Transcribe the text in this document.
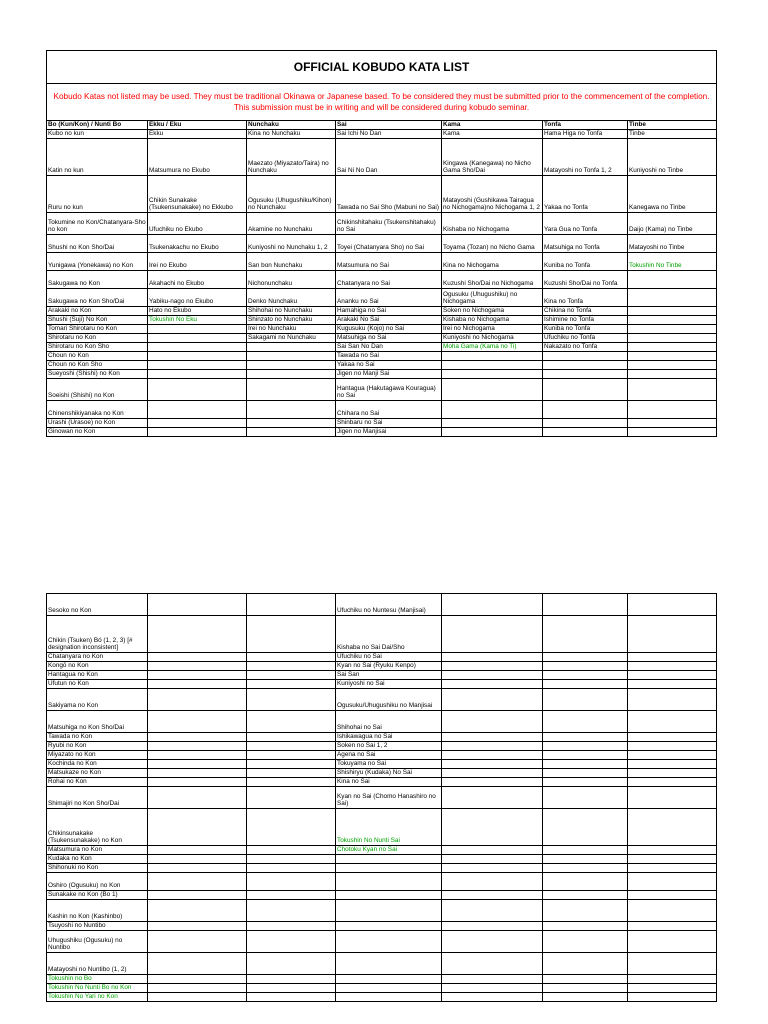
OFFICIAL KOBUDO KATA LIST						
Kobudo Katas not listed may be used. They must be traditional Okinawa or Japanese based. To be considered they must be submitted prior to the commencement of the completion. This submission must be in writing and will be considered during kobudo seminar.						
Bo (Kun/Kon) / Nunti Bo	Ekku / Eku	Nunchaku	Sai	Kama	Tonfa	Tinbe
Kubo no kun	Ekku	Kina no Nunchaku	Sai Ichi No Dan	Kama	Hama Higa no Tonfa	Tinbe
Katin no kun	Matsumura no Ekubo	Maezato (Miyazato/Taira) no Nunchaku	Sai Ni No Dan	Kingawa (Kanegawa) no Nicho Gama Sho/Dai	Matayoshi no Tonfa 1, 2	Kuniyoshi no Tinbe
Ruru no kun	Chikin Sunakake (Tsukensunakake) no Ekkubo	Ogusuku (Uhugushiku/Kihon) no Nunchaku	Tawada no Sai Sho (Mabuni no Sai)	Matayoshi (Gushikawa Tairagua no Nichogama)no Nichogama 1, 2	Yakaa no Tonfa	Kanegawa no Tinbe
Tokumine no Kon/Chatanyara-Sho no kon	Ufuchiku no Ekubo	Akamine no Nunchaku	Chikinshitahaku (Tsukenshitahaku) no Sai	Kishaba no Nichogama	Yara Gua no Tonfa	Daijo (Kama) no Tinbe
Shushi no Kon Sho/Dai	Tsukenakachu no Ekubo	Kuniyoshi no Nunchaku 1, 2	Toyei (Chatanyara Sho) no Sai	Toyama (Tozan) no Nicho Gama	Matsuhiga no Tonfa	Matayoshi no Tinbe
Yunigawa (Yonekawa) no Kon	Irei no Ekubo	San bon Nunchaku	Matsumura no Sai	Kina no Nichogama	Kuniba no Tonfa	Tokushin No Tinbe
Sakugawa no Kon	Akahachi no Ekubo	Nichonunchaku	Chatanyara no Sai	Kuzushi Sho/Dai no Nichogama	Kuzushi Sho/Dai no Tonfa	
Sakugawa no Kon Sho/Dai	Yabiku-nago no Ekubo	Denko Nunchaku	Ananku no Sai	Ogusuku (Uhugushiku) no Nichogama	Kina no Tonfa	
Arakaki no Kon	Hato no Ekubo	Shihohai no Nunchaku	Hamahiga no Sai	Soken no Nichogama	Chikina no Tonfa	
Shushi (Suji) No Kon	Tokushin No Eku	Shinzato no Nunchaku	Arakaki No Sai	Kishaba no Nichogama	Ishimine no Tonfa	
Tomari Shirotaru no Kon		Irei no Nunchaku	Kugusuku (Kojo) no Sai	Irei no Nichogama	Kuniba no Tonfa	
Shirotaru no Kon		Sakagami no Nunchaku	Matsuhiga no Sai	Kuniyoshi no Nichogama	Ufuchiku no Tonfa	
Shirotaru no Kon Sho			Sai San No Dan	Moha Gama (Kama no Ti)	Nakazato no Tonfa	
Choun no Kon			Tawada no Sai			
Choun no Kon Sho			Yakaa no Sai			
Sueyoshi (Shishi) no Kon			Jigen no Manji Sai			
Soeishi (Shishi) no Kon			Hantagua (Hakutagawa Kouragua) no Sai			
Chinenshikiyanaka no Kon			Chihara no Sai			
Urashi (Urasoe) no Kon			Shinbaru no Sai			
Ginowan no Kon			Jigen no Manjisai			
Sesoko no Kon			Ufuchiku no Nuntesu (Manjisai)			
Chikin (Tsuken) Bó (1, 2, 3) [# designation inconsistent]			Kishaba no Sai Dai/Sho			
Chatanyara no Kon			Ufuchiku no Sai			
Kongō no Kon			Kyan no Sai (Ryuku Kenpo)			
Hantagua no Kon			Sai San			
Ufutun no Kon			Kuniyoshi no Sai			
Sakiyama no Kon			Ogusuku/Uhugushiku no Manjisai			
Matsuhiga no Kon Sho/Dai			Shihohai no Sai			
Tawada no Kon			Ishikawagua no Sai			
Ryubi no Kon			Soken no Sai 1, 2			
Miyazato no Kon			Agena no Sai			
Kochinda no Kon			Tokuyama no Sai			
Matsukaze no Kon			Shishiryu (Kudaka) No Sai			
Rohai no Kon			Kina no Sai			
Shimajiri no Kon Sho/Dai			Kyan no Sai (Chomo Hanashiro no Sai)			
Chikinsunakake (Tsukensunakake) no Kon			Tokushin No Nunti Sai			
Matsumura no Kon			Chotoku Kyan no Sai			
Kudaka no Kon						
Shihonuki no Kon						
Oshiro (Ogusuku) no Kon						
Sunakake no Kon (Bo 1)						
Kashin no Kon (Kashinbo)						
Tsuyoshi no Nuntibo						
Uhugushiku (Ogusuku) no Nuntibo						
Matayoshi no Nuntibo (1, 2)						
Tokushin no Bo						
Tokushin No Nunti Bo no Kon						
Tokushin No Yari no Kon						
